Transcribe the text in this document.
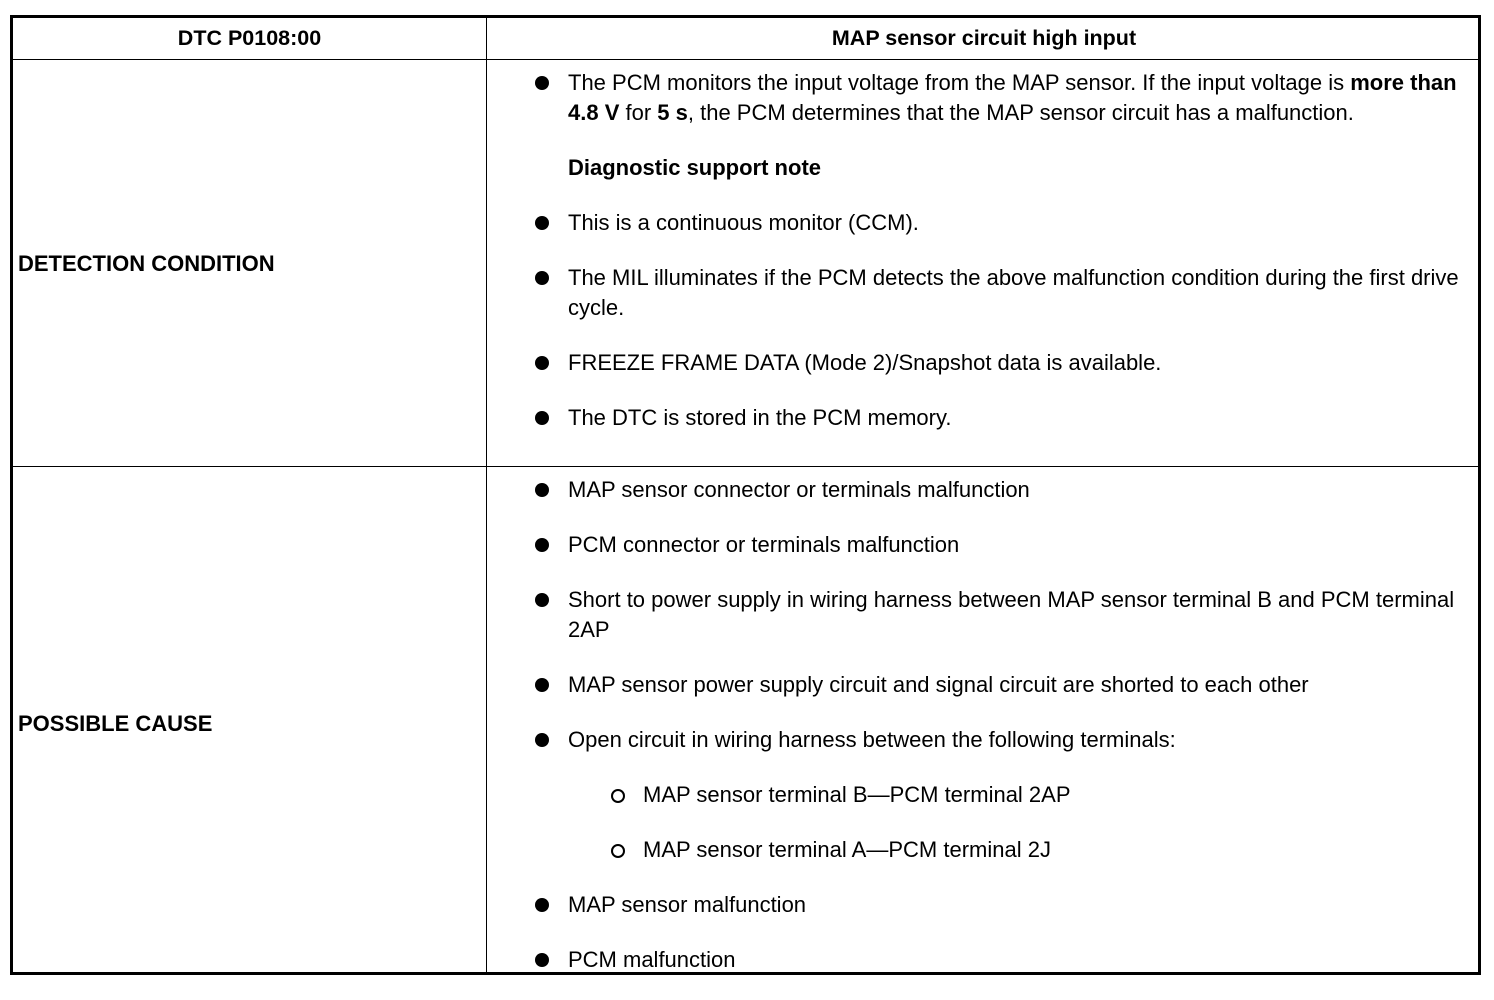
DTC P0108:00	MAP sensor circuit high input
DETECTION CONDITION
The PCM monitors the input voltage from the MAP sensor. If the input voltage is more than 4.8 V for 5 s, the PCM determines that the MAP sensor circuit has a malfunction.
Diagnostic support note
This is a continuous monitor (CCM).
The MIL illuminates if the PCM detects the above malfunction condition during the first drive cycle.
FREEZE FRAME DATA (Mode 2)/Snapshot data is available.
The DTC is stored in the PCM memory.
POSSIBLE CAUSE
MAP sensor connector or terminals malfunction
PCM connector or terminals malfunction
Short to power supply in wiring harness between MAP sensor terminal B and PCM terminal 2AP
MAP sensor power supply circuit and signal circuit are shorted to each other
Open circuit in wiring harness between the following terminals:
MAP sensor terminal B—PCM terminal 2AP
MAP sensor terminal A—PCM terminal 2J
MAP sensor malfunction
PCM malfunction
